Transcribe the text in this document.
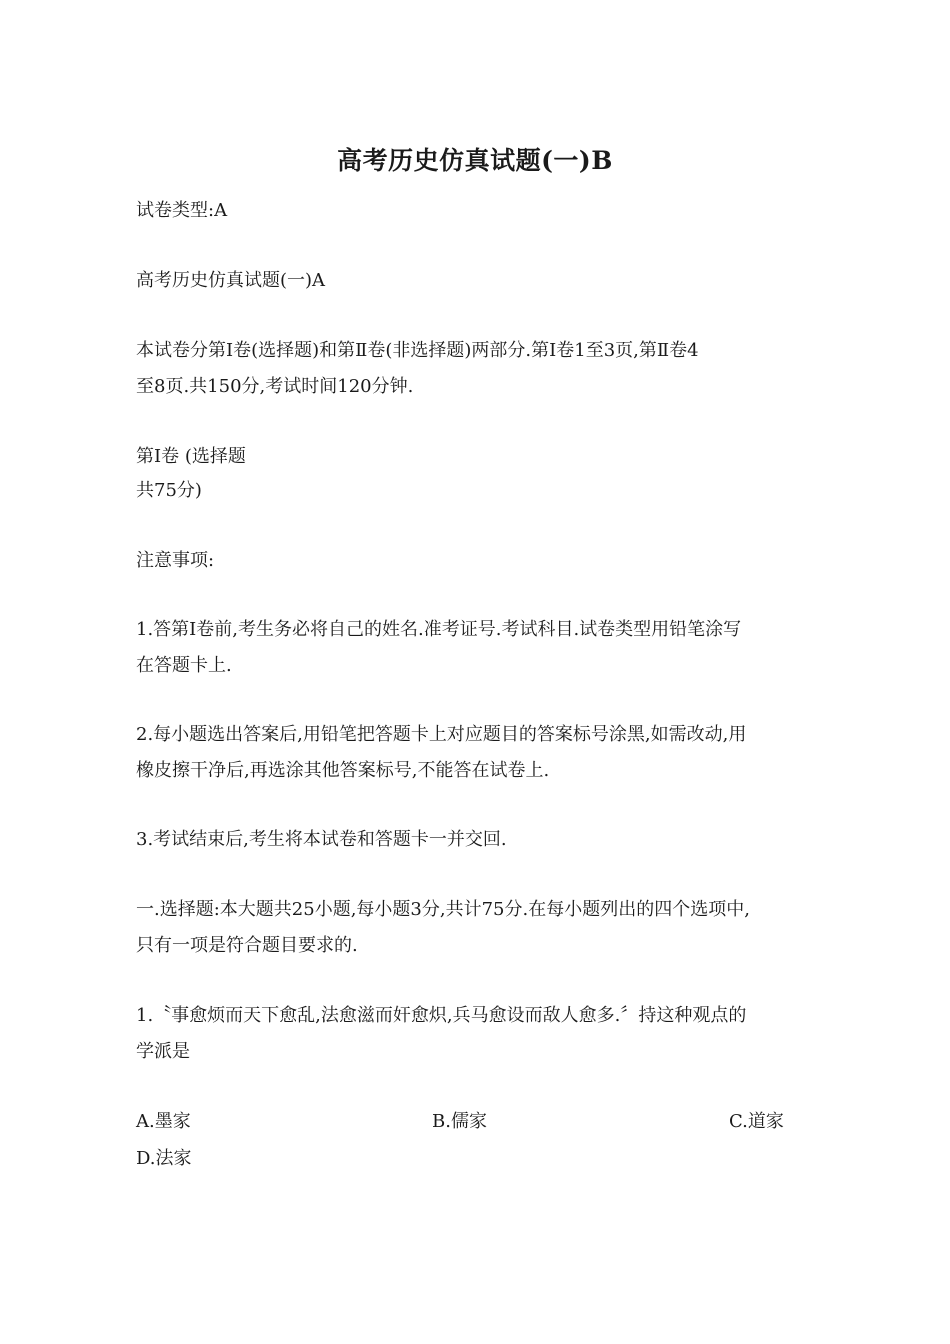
高考历史仿真试题(一)B

试卷类型:A

高考历史仿真试题(一)A

本试卷分第Ⅰ卷(选择题)和第Ⅱ卷(非选择题)两部分.第Ⅰ卷1至3页,第Ⅱ卷4

至8页.共150分,考试时间120分钟.

第Ⅰ卷 (选择题

共75分)

注意事项:

1.答第Ⅰ卷前,考生务必将自己的姓名.准考证号.考试科目.试卷类型用铅笔涂写

在答题卡上.

2.每小题选出答案后,用铅笔把答题卡上对应题目的答案标号涂黑,如需改动,用

橡皮擦干净后,再选涂其他答案标号,不能答在试卷上.

3.考试结束后,考生将本试卷和答题卡一并交回.

一.选择题:本大题共25小题,每小题3分,共计75分.在每小题列出的四个选项中,

只有一项是符合题目要求的.

1.〝事愈烦而天下愈乱,法愈滋而奸愈炽,兵马愈设而敌人愈多.〞持这种观点的

学派是

A.墨家	B.儒家	C.道家
D.法家
